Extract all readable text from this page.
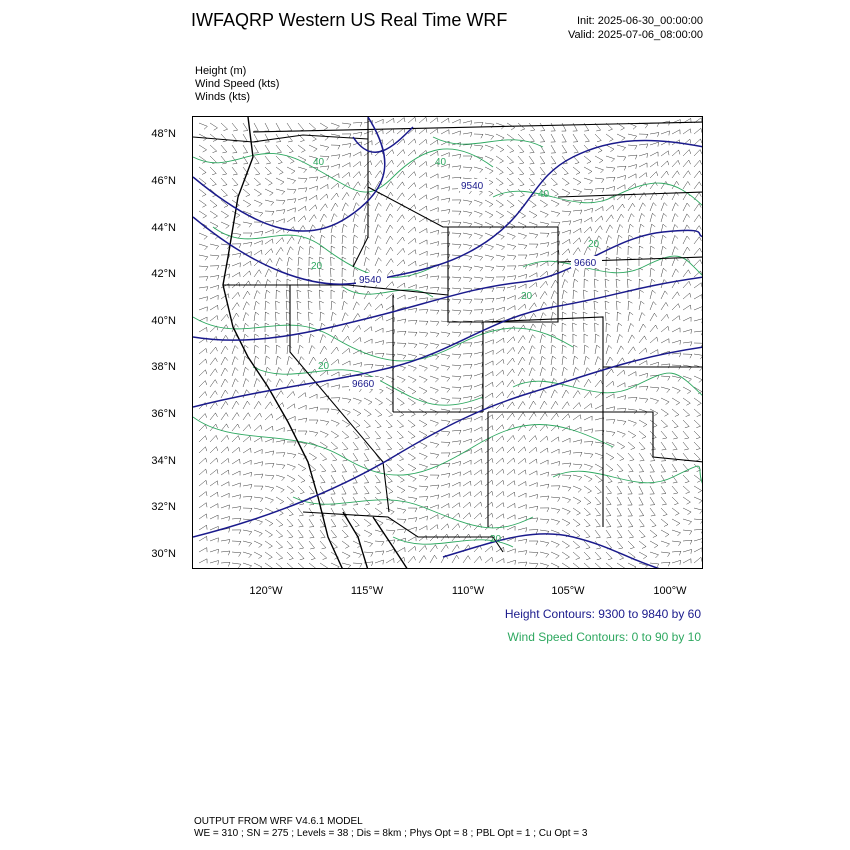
IWFAQRP Western US Real Time WRF	Init: 2025-06-30_00:00:00
Valid: 2025-07-06_08:00:00
Height (m)
Wind Speed (kts)
Winds (kts)
48°N
46°N
44°N
42°N
40°N
38°N
36°N
34°N
32°N
30°N
120°W	115°W	110°W	105°W	100°W
9540
9540
9660
9660
40	40
20
20
20
40
20
20
Height Contours: 9300 to 9840 by 60
Wind Speed Contours: 0 to 90 by 10
OUTPUT FROM WRF V4.6.1 MODEL
WE = 310 ; SN = 275 ; Levels = 38 ; Dis = 8km ; Phys Opt = 8 ; PBL Opt = 1 ; Cu Opt = 3
